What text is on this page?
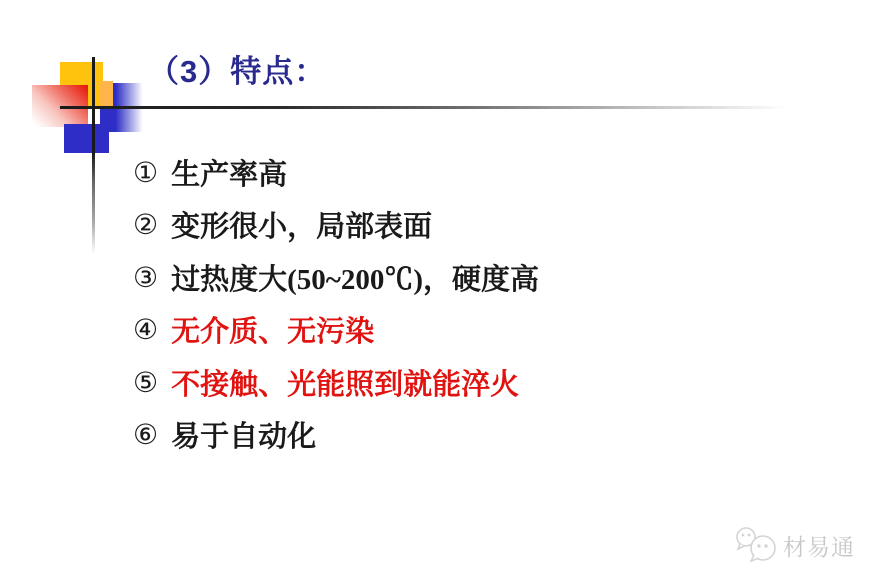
（3）特点：
① 生产率高
② 变形很小，局部表面
③ 过热度大(50~200℃)，硬度高
④ 无介质、无污染
⑤ 不接触、光能照到就能淬火
⑥ 易于自动化
材易通
